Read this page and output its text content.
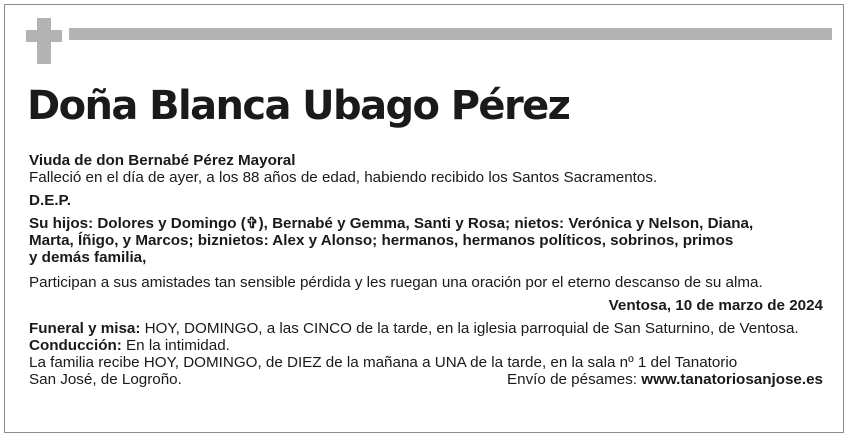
Doña Blanca Ubago Pérez

Viuda de don Bernabé Pérez Mayoral

Falleció en el día de ayer, a los 88 años de edad, habiendo recibido los Santos Sacramentos.

D.E.P.

Su hijos: Dolores y Domingo (✞), Bernabé y Gemma, Santi y Rosa; nietos: Verónica y Nelson, Diana,

Marta, Íñigo, y Marcos; biznietos: Alex y Alonso; hermanos, hermanos políticos, sobrinos, primos

y demás familia,

Participan a sus amistades tan sensible pérdida y les ruegan una oración por el eterno descanso de su alma.

Ventosa, 10 de marzo de 2024

Funeral y misa: HOY, DOMINGO, a las CINCO de la tarde, en la iglesia parroquial de San Saturnino, de Ventosa.

Conducción: En la intimidad.

La familia recibe HOY, DOMINGO, de DIEZ de la mañana a UNA de la tarde, en la sala nº 1 del Tanatorio

San José, de Logroño.	Envío de pésames: www.tanatoriosanjose.es
